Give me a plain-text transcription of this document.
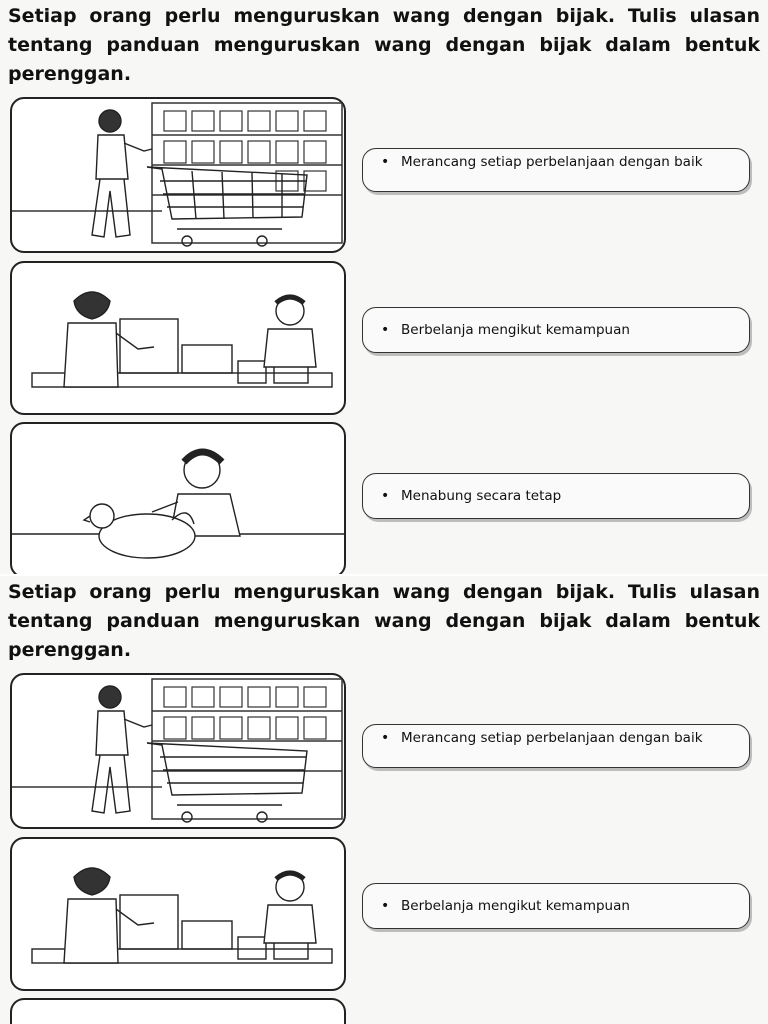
Setiap orang perlu menguruskan wang dengan bijak. Tulis ulasan tentang panduan menguruskan wang dengan bijak dalam bentuk perenggan.
• Merancang setiap perbelanjaan dengan baik
• Berbelanja mengikut kemampuan
• Menabung secara tetap
Setiap orang perlu menguruskan wang dengan bijak. Tulis ulasan tentang panduan menguruskan wang dengan bijak dalam bentuk perenggan.
• Merancang setiap perbelanjaan dengan baik
• Berbelanja mengikut kemampuan
